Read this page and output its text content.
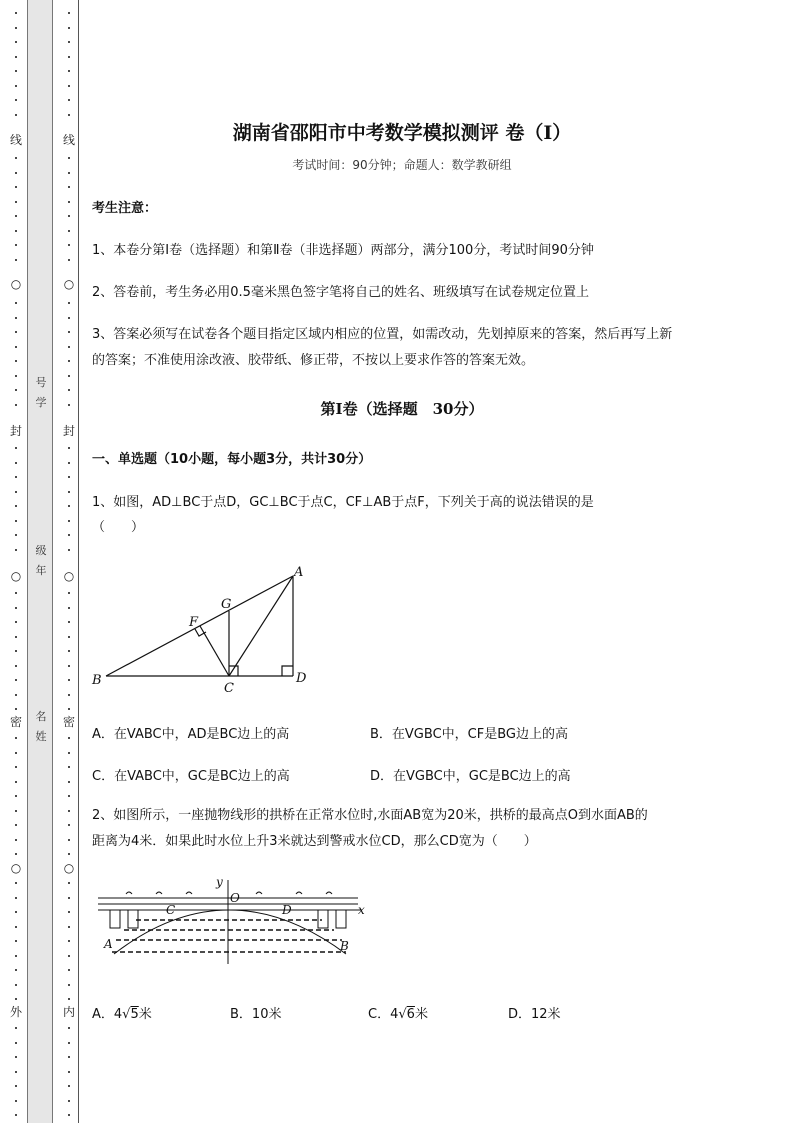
线
○
封
○
密
○
外
号
学
级
年
名
姓
线
○
封
○
密
○
内
湖南省邵阳市中考数学模拟测评 卷（Ⅰ）
考试时间：90分钟；命题人：数学教研组
考生注意：
1、本卷分第Ⅰ卷（选择题）和第Ⅱ卷（非选择题）两部分，满分100分，考试时间90分钟
2、答卷前，考生务必用0.5毫米黑色签字笔将自己的姓名、班级填写在试卷规定位置上
3、答案必须写在试卷各个题目指定区域内相应的位置，如需改动，先划掉原来的答案，然后再写上新
的答案；不准使用涂改液、胶带纸、修正带，不按以上要求作答的答案无效。
第Ⅰ卷（选择题　30分）
一、单选题（10小题，每小题3分，共计30分）
1、如图，AD⊥BC于点D，GC⊥BC于点C，CF⊥AB于点F，下列关于高的说法错误的是
（　　）
A
B
C
D
F
G
A．在VABC中，AD是BC边上的高	B．在VGBC中，CF是BG边上的高
C．在VABC中，GC是BC边上的高	D．在VGBC中，GC是BC边上的高
2、如图所示，一座抛物线形的拱桥在正常水位时,水面AB宽为20米，拱桥的最高点O到水面AB的
距离为4米．如果此时水位上升3米就达到警戒水位CD，那么CD宽为（　　）
y
x
O
C	D
A	B
A．4√5米	B．10米	C．4√6米	D．12米
